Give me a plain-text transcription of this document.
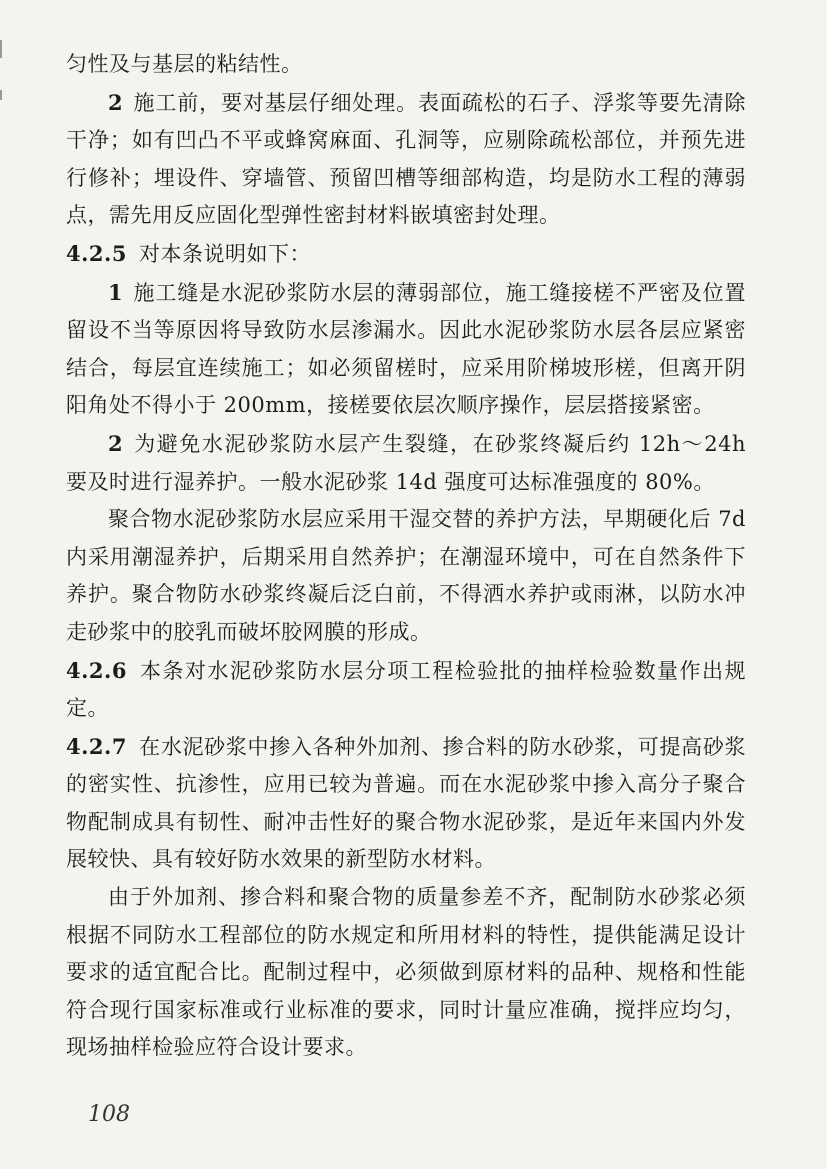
匀性及与基层的粘结性。

2 施工前，要对基层仔细处理。表面疏松的石子、浮浆等要先清除干净；如有凹凸不平或蜂窝麻面、孔洞等，应剔除疏松部位，并预先进行修补；埋设件、穿墙管、预留凹槽等细部构造，均是防水工程的薄弱点，需先用反应固化型弹性密封材料嵌填密封处理。

4.2.5 对本条说明如下：

1 施工缝是水泥砂浆防水层的薄弱部位，施工缝接槎不严密及位置留设不当等原因将导致防水层渗漏水。因此水泥砂浆防水层各层应紧密结合，每层宜连续施工；如必须留槎时，应采用阶梯坡形槎，但离开阴阳角处不得小于 200mm，接槎要依层次顺序操作，层层搭接紧密。

2 为避免水泥砂浆防水层产生裂缝，在砂浆终凝后约 12h～24h 要及时进行湿养护。一般水泥砂浆 14d 强度可达标准强度的 80%。

聚合物水泥砂浆防水层应采用干湿交替的养护方法，早期硬化后 7d 内采用潮湿养护，后期采用自然养护；在潮湿环境中，可在自然条件下养护。聚合物防水砂浆终凝后泛白前，不得洒水养护或雨淋，以防水冲走砂浆中的胶乳而破坏胶网膜的形成。

4.2.6 本条对水泥砂浆防水层分项工程检验批的抽样检验数量作出规定。

4.2.7 在水泥砂浆中掺入各种外加剂、掺合料的防水砂浆，可提高砂浆的密实性、抗渗性，应用已较为普遍。而在水泥砂浆中掺入高分子聚合物配制成具有韧性、耐冲击性好的聚合物水泥砂浆，是近年来国内外发展较快、具有较好防水效果的新型防水材料。

由于外加剂、掺合料和聚合物的质量参差不齐，配制防水砂浆必须根据不同防水工程部位的防水规定和所用材料的特性，提供能满足设计要求的适宜配合比。配制过程中，必须做到原材料的品种、规格和性能符合现行国家标准或行业标准的要求，同时计量应准确，搅拌应均匀，现场抽样检验应符合设计要求。

108
